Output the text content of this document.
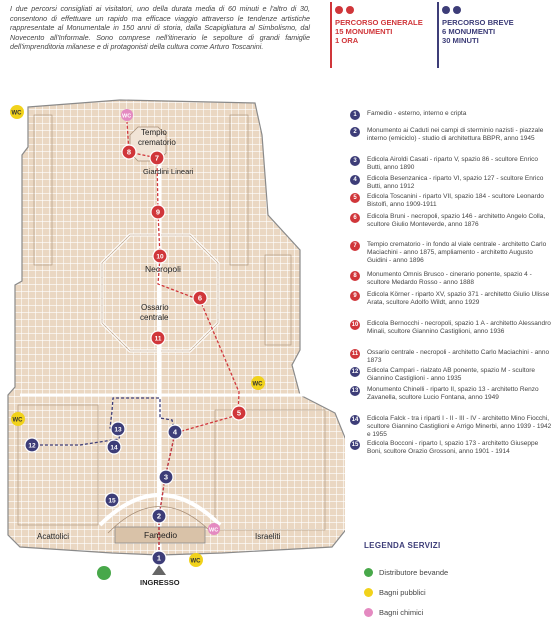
I due percorsi consigliati ai visitatori, uno della durata media di 60 minuti e l'altro di 30, consentono di effettuare un rapido ma efficace viaggio attraverso le tendenze artistiche rappresentate al Monumentale in 150 anni di storia, dalla Scapigliatura al Simbolismo, dal Novecento all'Informale. Sono comprese nell'itinerario le sepolture di grandi famiglie dell'imprenditoria milanese e di protagonisti della cultura come Arturo Toscanini.

PERCORSO GENERALE
15 MONUMENTI
1 ORA
PERCORSO BREVE
6 MONUMENTI
30 MINUTI
Tempio
crematorio
Giardini Lineari
Necropoli
Ossario
centrale
Acattolici	Famedio	Israeliti
INGRESSO
WC	WC
WC
WC
WC
WC
1
2
3
4
5
6
7
8
9
10
11
12
13
14
15
1	Famedio - esterno, interno e cripta
2	Monumento ai Caduti nei campi di sterminio nazisti - piazzale interno (emiciclo) - studio di architettura BBPR, anno 1945
3	Edicola Airoldi Casati - riparto V, spazio 86 - scultore Enrico Butti, anno 1890
4	Edicola Besenzanica - riparto VI, spazio 127 - scultore Enrico Butti, anno 1912
5	Edicola Toscanini - riparto VII, spazio 184 - scultore Leonardo Bistolfi, anno 1909-1911
6	Edicola Bruni - necropoli, spazio 146 - architetto Angelo Colla, scultore Giulio Monteverde, anno 1876
7	Tempio crematorio - in fondo al viale centrale - architetto Carlo Maciachini - anno 1875, ampliamento - architetto Augusto Guidini - anno 1896
8	Monumento Omnis Brusco - cinerario ponente, spazio 4 - scultore Medardo Rosso - anno 1888
9	Edicola Körner - riparto XV, spazio 371 - architetto Giulio Ulisse Arata, scultore Adolfo Wildt, anno 1929
10 Edicola Bernocchi - necropoli, spazio 1 A - architetto Alessandro Minali, scultore Giannino Castiglioni, anno 1936
11 Ossario centrale - necropoli - architetto Carlo Maciachini - anno 1873
12 Edicola Campari - rialzato AB ponente, spazio M - scultore Giannino Castiglioni - anno 1935
13 Monumento Chinelli - riparto II, spazio 13 - architetto Renzo Zavanella, scultore Lucio Fontana, anno 1949
14 Edicola Falck - tra i riparti I - II - III - IV - architetto Mino Fiocchi, scultore Giannino Castiglioni e Arrigo Minerbi, anno 1939 - 1942 e 1955
15 Edicola Bocconi - riparto I, spazio 173 - architetto Giuseppe Boni, scultore Orazio Grossoni, anno 1901 - 1914
LEGENDA SERVIZI
Distributore bevande
Bagni pubblici
Bagni chimici
